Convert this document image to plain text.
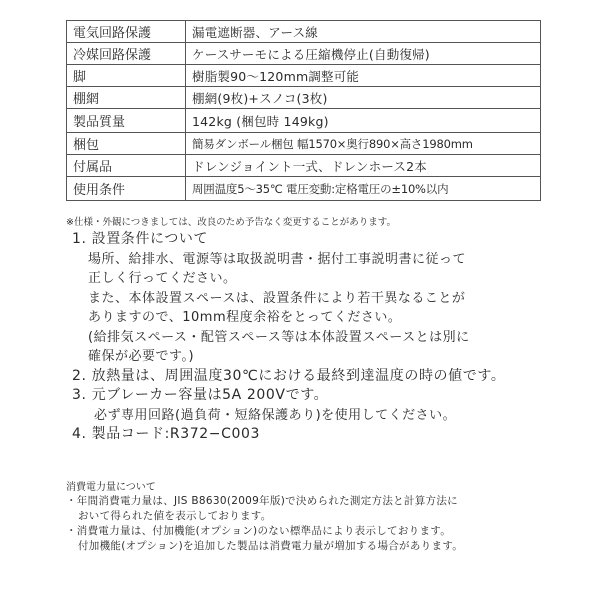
電気回路保護	漏電遮断器、アース線
冷媒回路保護	ケースサーモによる圧縮機停止(自動復帰)
脚	樹脂製90〜120mm調整可能
棚網	棚網(9枚)+スノコ(3枚)
製品質量	142kg (梱包時 149kg)
梱包	簡易ダンボール梱包 幅1570×奥行890×高さ1980mm
付属品	ドレンジョイント一式、ドレンホース2本
使用条件	周囲温度5〜35℃ 電圧変動:定格電圧の±10%以内
※仕様・外観につきましては、改良のため予告なく変更することがあります。
1. 設置条件について
場所、給排水、電源等は取扱説明書・据付工事説明書に従って
正しく行ってください。
また、本体設置スペースは、設置条件により若干異なることが
ありますので、10mm程度余裕をとってください。
(給排気スペース・配管スペース等は本体設置スペースとは別に
確保が必要です。)
2. 放熱量は、周囲温度30℃における最終到達温度の時の値です。
3. 元ブレーカー容量は5A 200Vです。
必ず専用回路(過負荷・短絡保護あり)を使用してください。
4. 製品コード:R372−C003
消費電力量について
・年間消費電力量は、JIS B8630(2009年版)で決められた測定方法と計算方法に
おいて得られた値を表示しております。
・消費電力量は、付加機能(オプション)のない標準品により表示しております。
付加機能(オプション)を追加した製品は消費電力量が増加する場合があります。
